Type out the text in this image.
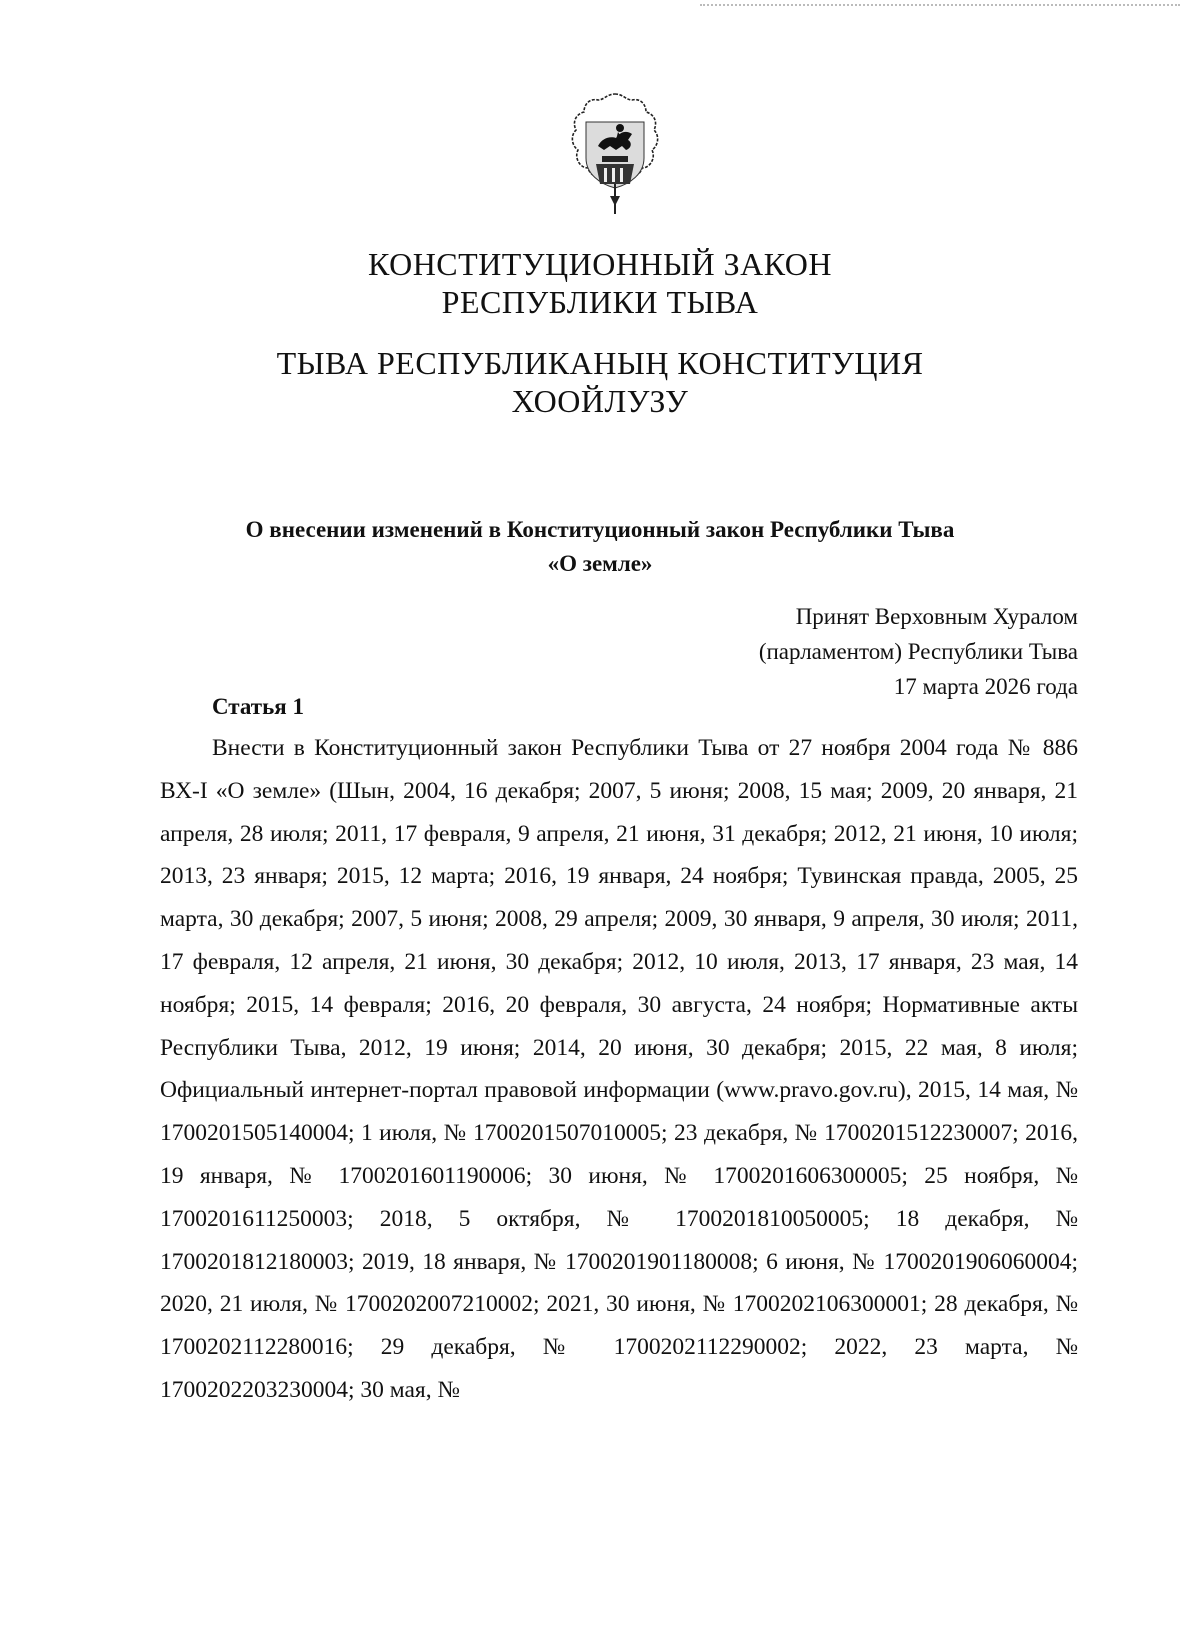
КОНСТИТУЦИОННЫЙ ЗАКОН
РЕСПУБЛИКИ ТЫВА
ТЫВА РЕСПУБЛИКАНЫҢ КОНСТИТУЦИЯ
ХООЙЛУЗУ
О внесении изменений в Конституционный закон Республики Тыва
«О земле»
Принят Верховным Хуралом
(парламентом) Республики Тыва
17 марта 2026 года
Статья 1
Внести в Конституционный закон Республики Тыва от 27 ноября 2004 года № 886 ВХ-I «О земле» (Шын, 2004, 16 декабря; 2007, 5 июня; 2008, 15 мая; 2009, 20 января, 21 апреля, 28 июля; 2011, 17 февраля, 9 апреля, 21 июня, 31 декабря; 2012, 21 июня, 10 июля; 2013, 23 января; 2015, 12 марта; 2016, 19 января, 24 ноября; Тувинская правда, 2005, 25 марта, 30 декабря; 2007, 5 июня; 2008, 29 апреля; 2009, 30 января, 9 апреля, 30 июля; 2011, 17 февраля, 12 апреля, 21 июня, 30 декабря; 2012, 10 июля, 2013, 17 января, 23 мая, 14 ноября; 2015, 14 февраля; 2016, 20 февраля, 30 августа, 24 ноября; Нормативные акты Республики Тыва, 2012, 19 июня; 2014, 20 июня, 30 декабря; 2015, 22 мая, 8 июля; Официальный интернет-портал правовой информации (www.pravo.gov.ru), 2015, 14 мая, № 1700201505140004; 1 июля, № 1700201507010005; 23 декабря, № 1700201512230007; 2016, 19 января, № 1700201601190006; 30 июня, № 1700201606300005; 25 ноября, № 1700201611250003; 2018, 5 октября, № 1700201810050005; 18 декабря, № 1700201812180003; 2019, 18 января, № 1700201901180008; 6 июня, № 1700201906060004; 2020, 21 июля, № 1700202007210002; 2021, 30 июня, № 1700202106300001; 28 декабря, № 1700202112280016; 29 декабря, № 1700202112290002; 2022, 23 марта, № 1700202203230004; 30 мая, №
